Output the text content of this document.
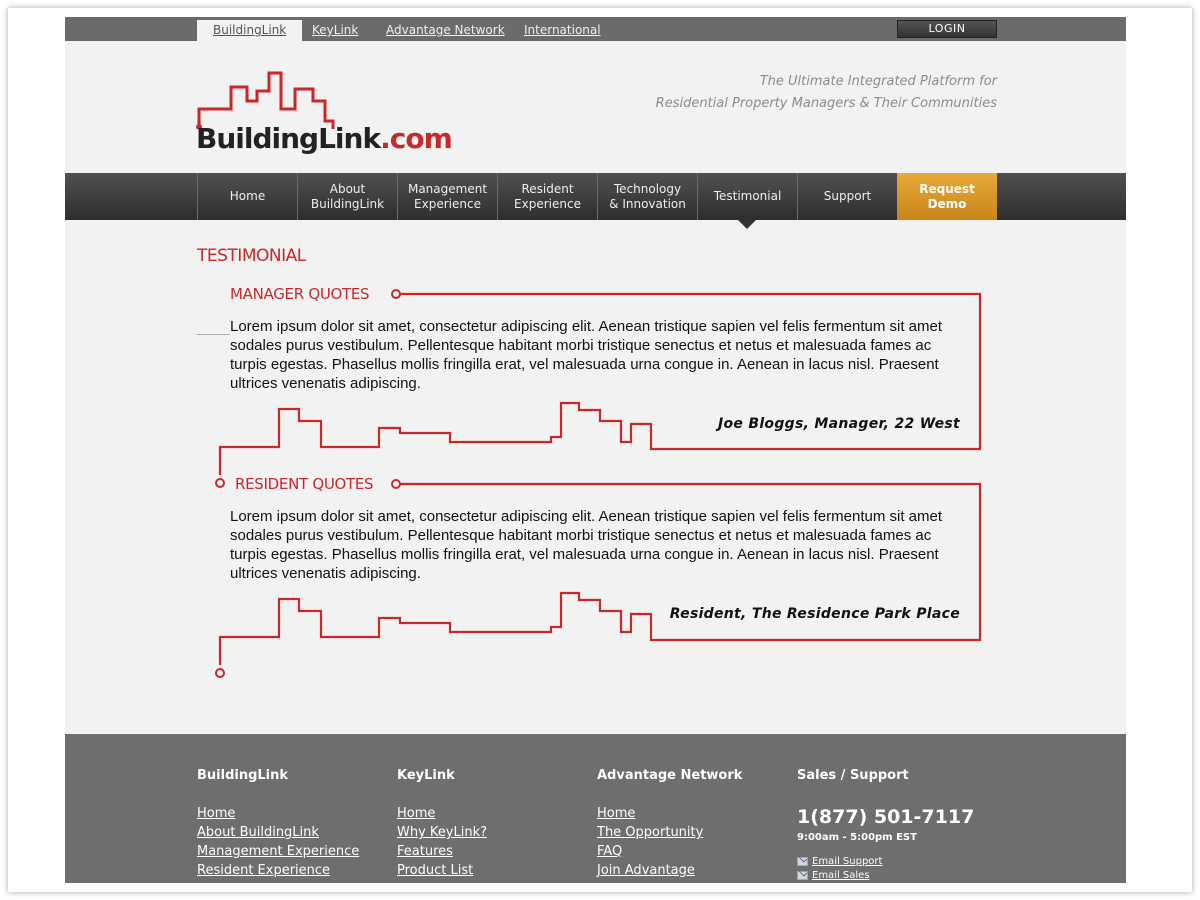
BuildingLink	KeyLink Advantage Network International	LOGIN
BuildingLink.com
The Ultimate Integrated Platform for
Residential Property Managers & Their Communities
Home
About
BuildingLink
Management
Experience
Resident
Experience
Technology
& Innovation
Testimonial	Support
Request
Demo
TESTIMONIAL
MANAGER QUOTES
Lorem ipsum dolor sit amet, consectetur adipiscing elit. Aenean tristique sapien vel felis fermentum sit amet sodales purus vestibulum. Pellentesque habitant morbi tristique senectus et netus et malesuada fames ac turpis egestas. Phasellus mollis fringilla erat, vel malesuada urna congue in. Aenean in lacus nisl. Praesent ultrices venenatis adipiscing.
Joe Bloggs, Manager, 22 West
RESIDENT QUOTES
Lorem ipsum dolor sit amet, consectetur adipiscing elit. Aenean tristique sapien vel felis fermentum sit amet sodales purus vestibulum. Pellentesque habitant morbi tristique senectus et netus et malesuada fames ac turpis egestas. Phasellus mollis fringilla erat, vel malesuada urna congue in. Aenean in lacus nisl. Praesent ultrices venenatis adipiscing.
Resident, The Residence Park Place
BuildingLink
Home
About BuildingLink
Management Experience
Resident Experience
KeyLink
Home
Why KeyLink?
Features
Product List
Advantage Network
Home
The Opportunity
FAQ
Join Advantage
Sales / Support
1(877) 501-7117
9:00am - 5:00pm EST
Email Support
Email Sales
